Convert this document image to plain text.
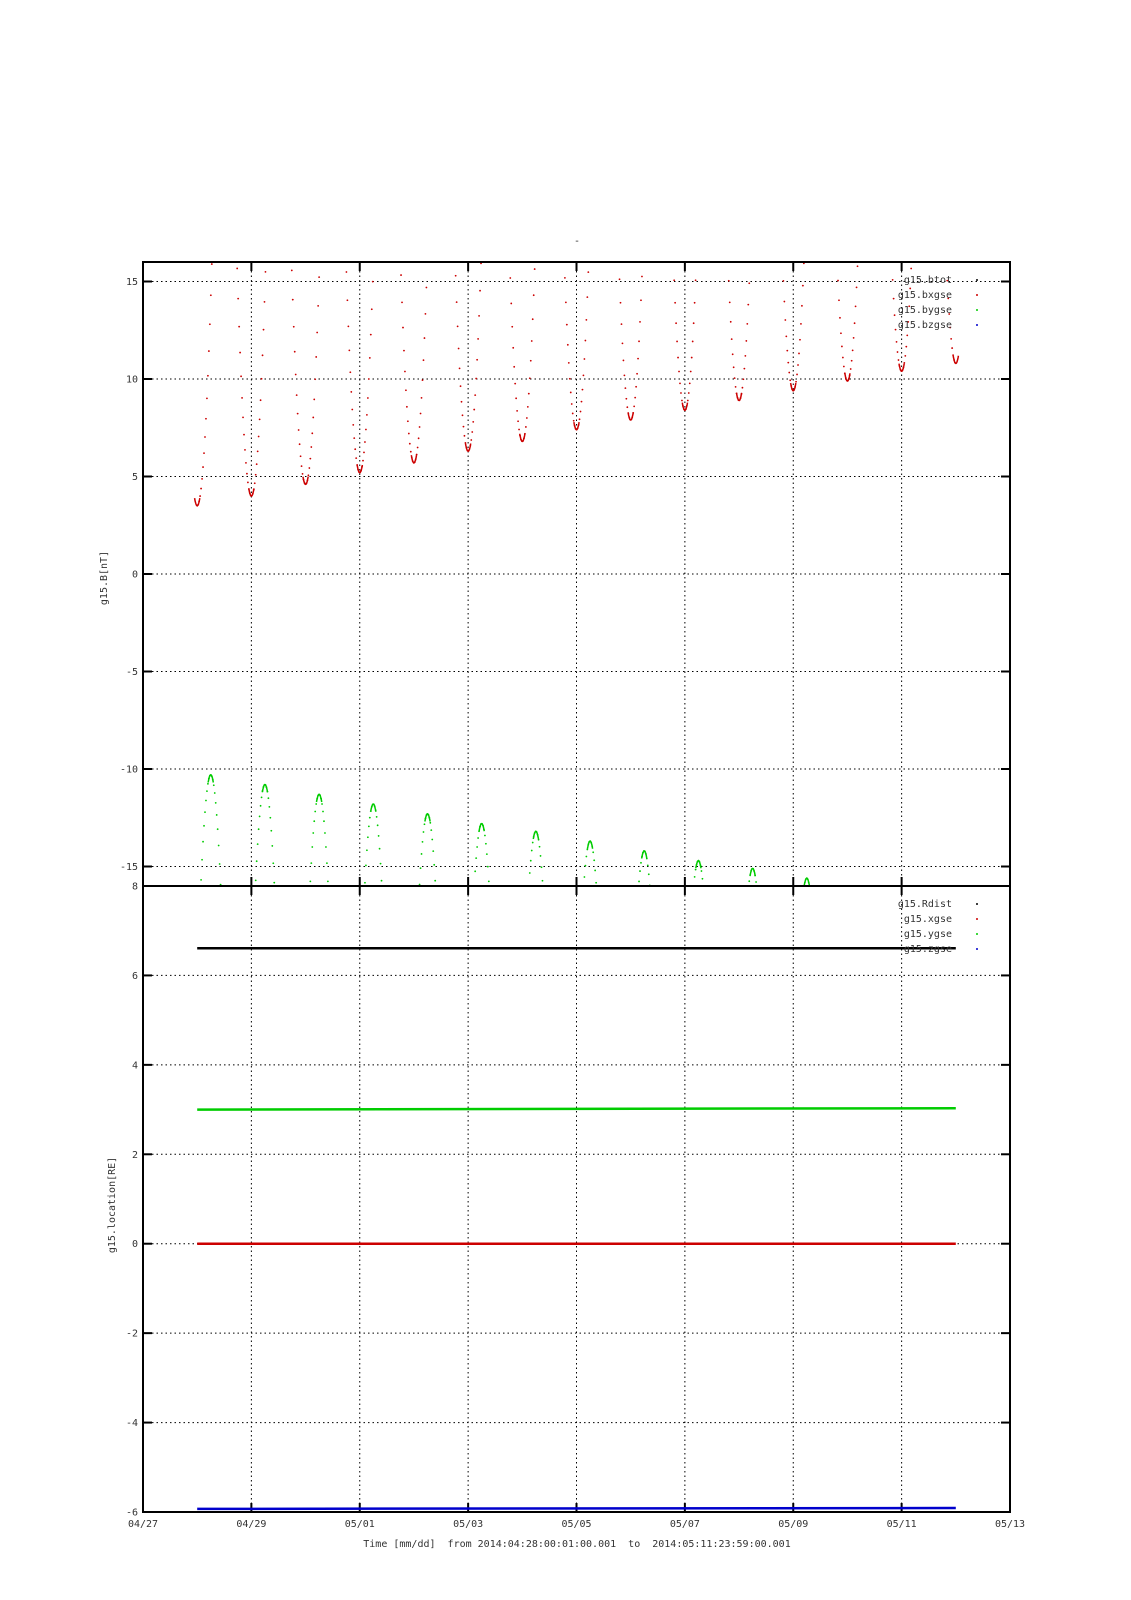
-
-15
-10
-5
0
5
10
15
g15.B[nT]
g15.btot
g15.bxgse
g15.bygse
g15.bzgse
-6
-4
-2
0
2
4
6
8
g15.location[RE]
g15.Rdist
g15.xgse
g15.ygse
g15.zgse
04/27	04/29	05/01	05/03	05/05	05/07	05/09	05/11	05/13
Time [mm/dd]  from 2014:04:28:00:01:00.001  to  2014:05:11:23:59:00.001
